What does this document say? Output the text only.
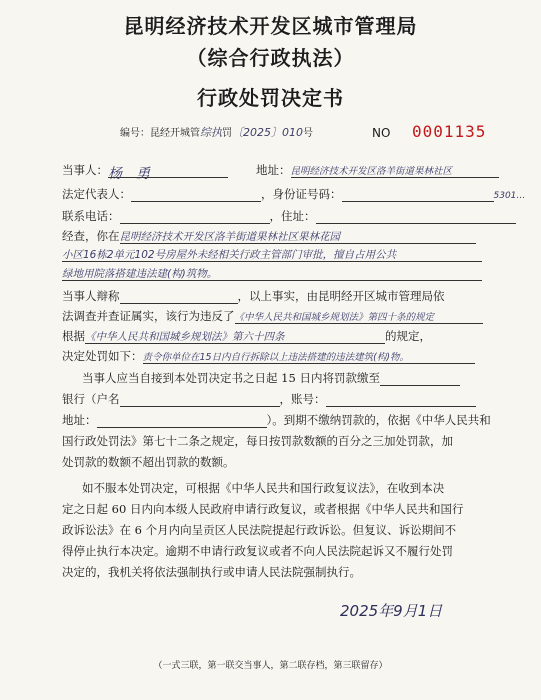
昆明经济技术开发区城市管理局
（综合行政执法）
行政处罚决定书
编号：昆经开城管综执罚〔2025〕010号	NO 0001135
当事人：杨　勇	地址：昆明经济技术开发区洛羊街道果林社区
法定代表人：	，身份证号码：	5301…
联系电话：	，住址：
经查，你在昆明经济技术开发区洛羊街道果林社区果林花园
小区16栋2单元102号房屋外未经相关行政主管部门审批，擅自占用公共
绿地用院落搭建违法建(构)筑物。
当事人辩称	，以上事实，由昆明经开区城市管理局依
法调查并查证属实，该行为违反了《中华人民共和国城乡规划法》第四十条的规定
根据《中华人民共和国城乡规划法》第六十四条	的规定，
决定处罚如下：责令你单位在15日内自行拆除以上违法搭建的违法建筑(构)物。
当事人应当自接到本处罚决定书之日起 15 日内将罚款缴至
银行（户名	，账号：
地址：	）。到期不缴纳罚款的，依据《中华人民共和
国行政处罚法》第七十二条之规定，每日按罚款数额的百分之三加处罚款，加
处罚款的数额不超出罚款的数额。
如不服本处罚决定，可根据《中华人民共和国行政复议法》，在收到本决
定之日起 60 日内向本级人民政府申请行政复议，或者根据《中华人民共和国行
政诉讼法》在 6 个月内向呈贡区人民法院提起行政诉讼。但复议、诉讼期间不
得停止执行本决定。逾期不申请行政复议或者不向人民法院起诉又不履行处罚
决定的，我机关将依法强制执行或申请人民法院强制执行。
2025年9月1日
（一式三联，第一联交当事人，第二联存档，第三联留存）
